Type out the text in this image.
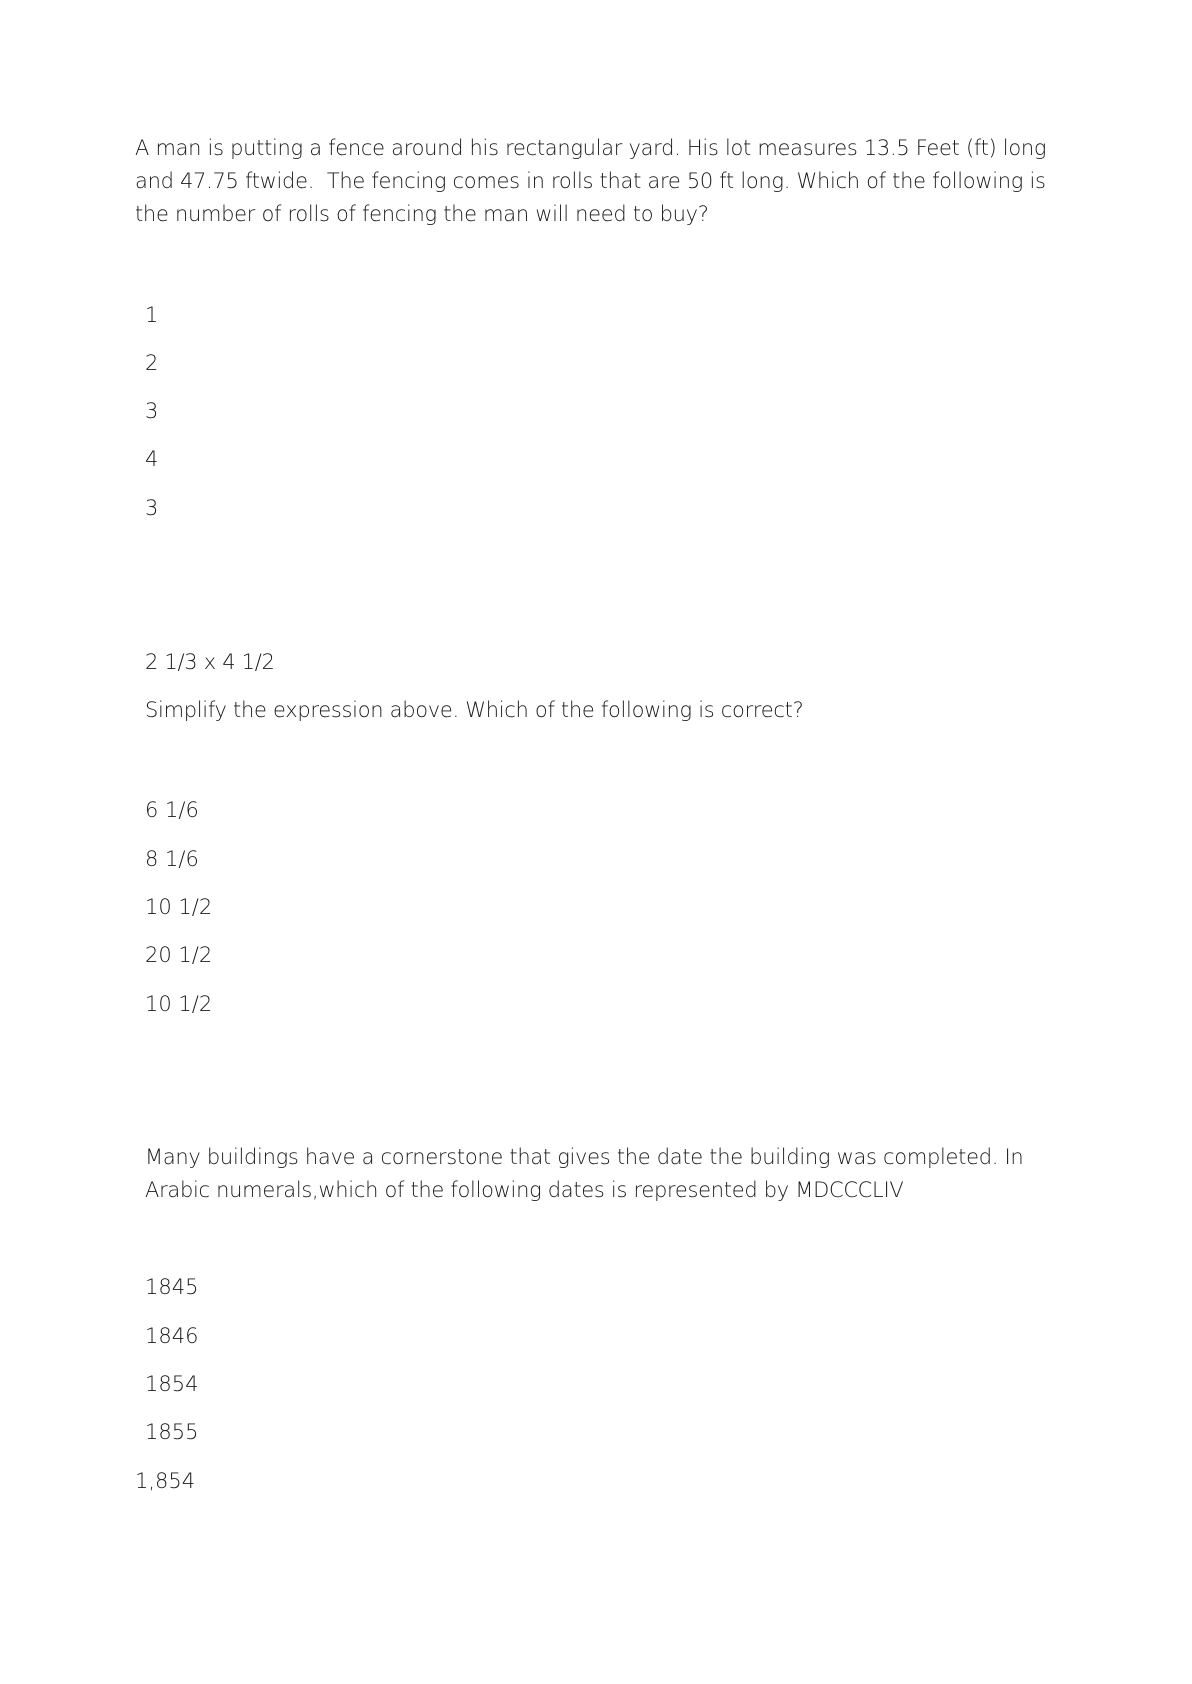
A man is putting a fence around his rectangular yard. His lot measures 13.5 Feet (ft) long and 47.75 ftwide.  The fencing comes in rolls that are 50 ft long. Which of the following is the number of rolls of fencing the man will need to buy?
1
2
3
4
3
2 1/3 x 4 1/2
Simplify the expression above. Which of the following is correct?
6 1/6
8 1/6
10 1/2
20 1/2
10 1/2
Many buildings have a cornerstone that gives the date the building was completed. In Arabic numerals,which of the following dates is represented by MDCCCLIV
1845
1846
1854
1855
1,854
